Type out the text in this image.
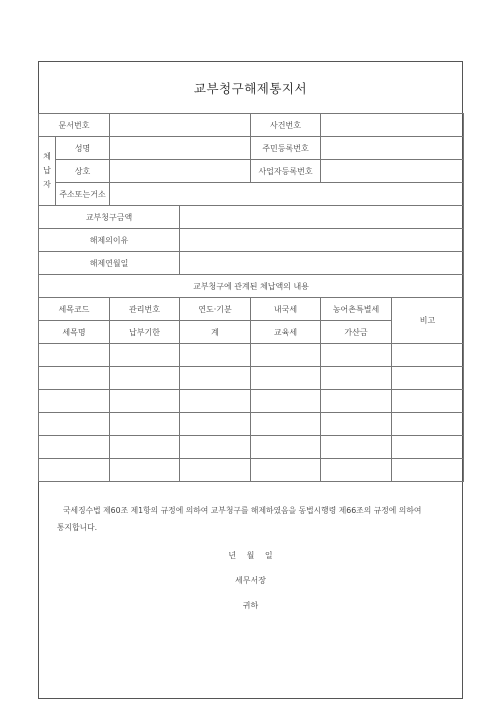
교부청구해제통지서
문서번호				사건번호		

체
납
자	성명			주민등록번호		
	상호			사업자등록번호		
	주소또는거소					
교부청구금액						
해제의이유						
해제연월일						
교부청구에 관계된 체납액의 내용						
세목코드		관리번호	연도·기분	내국세	농어촌특별세	비고
세목명		납부기한	계	교육세	가산금	

국세징수법 제60조 제1항의 규정에 의하여 교부청구를 해제하였음을 동법시행령 제66조의 규정에 의하여 통지합니다.

년 월 일
세무서장
귀하
